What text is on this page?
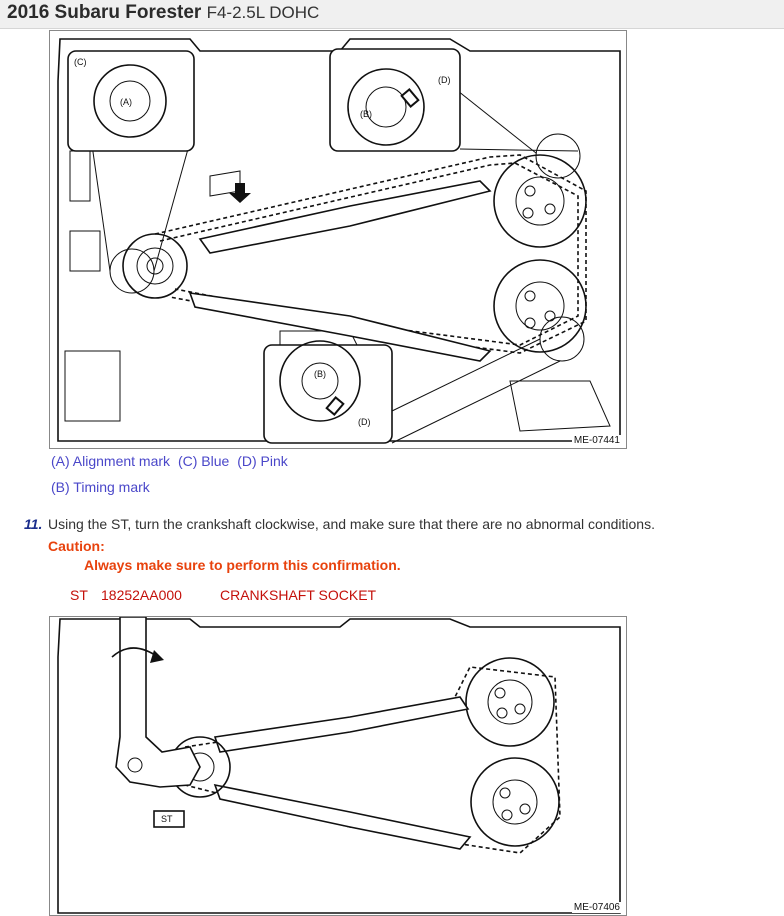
2016 Subaru Forester F4-2.5L DOHC
(C)
(A)
(D)
(B)
(B)
(D)
ME-07441
(A) Alignment mark (C) Blue (D) Pink
(B) Timing mark
11. Using the ST, turn the crankshaft clockwise, and make sure that there are no abnormal conditions.
Caution:
Always make sure to perform this confirmation.
ST 18252AA000	CRANKSHAFT SOCKET
ST
ME-07406
